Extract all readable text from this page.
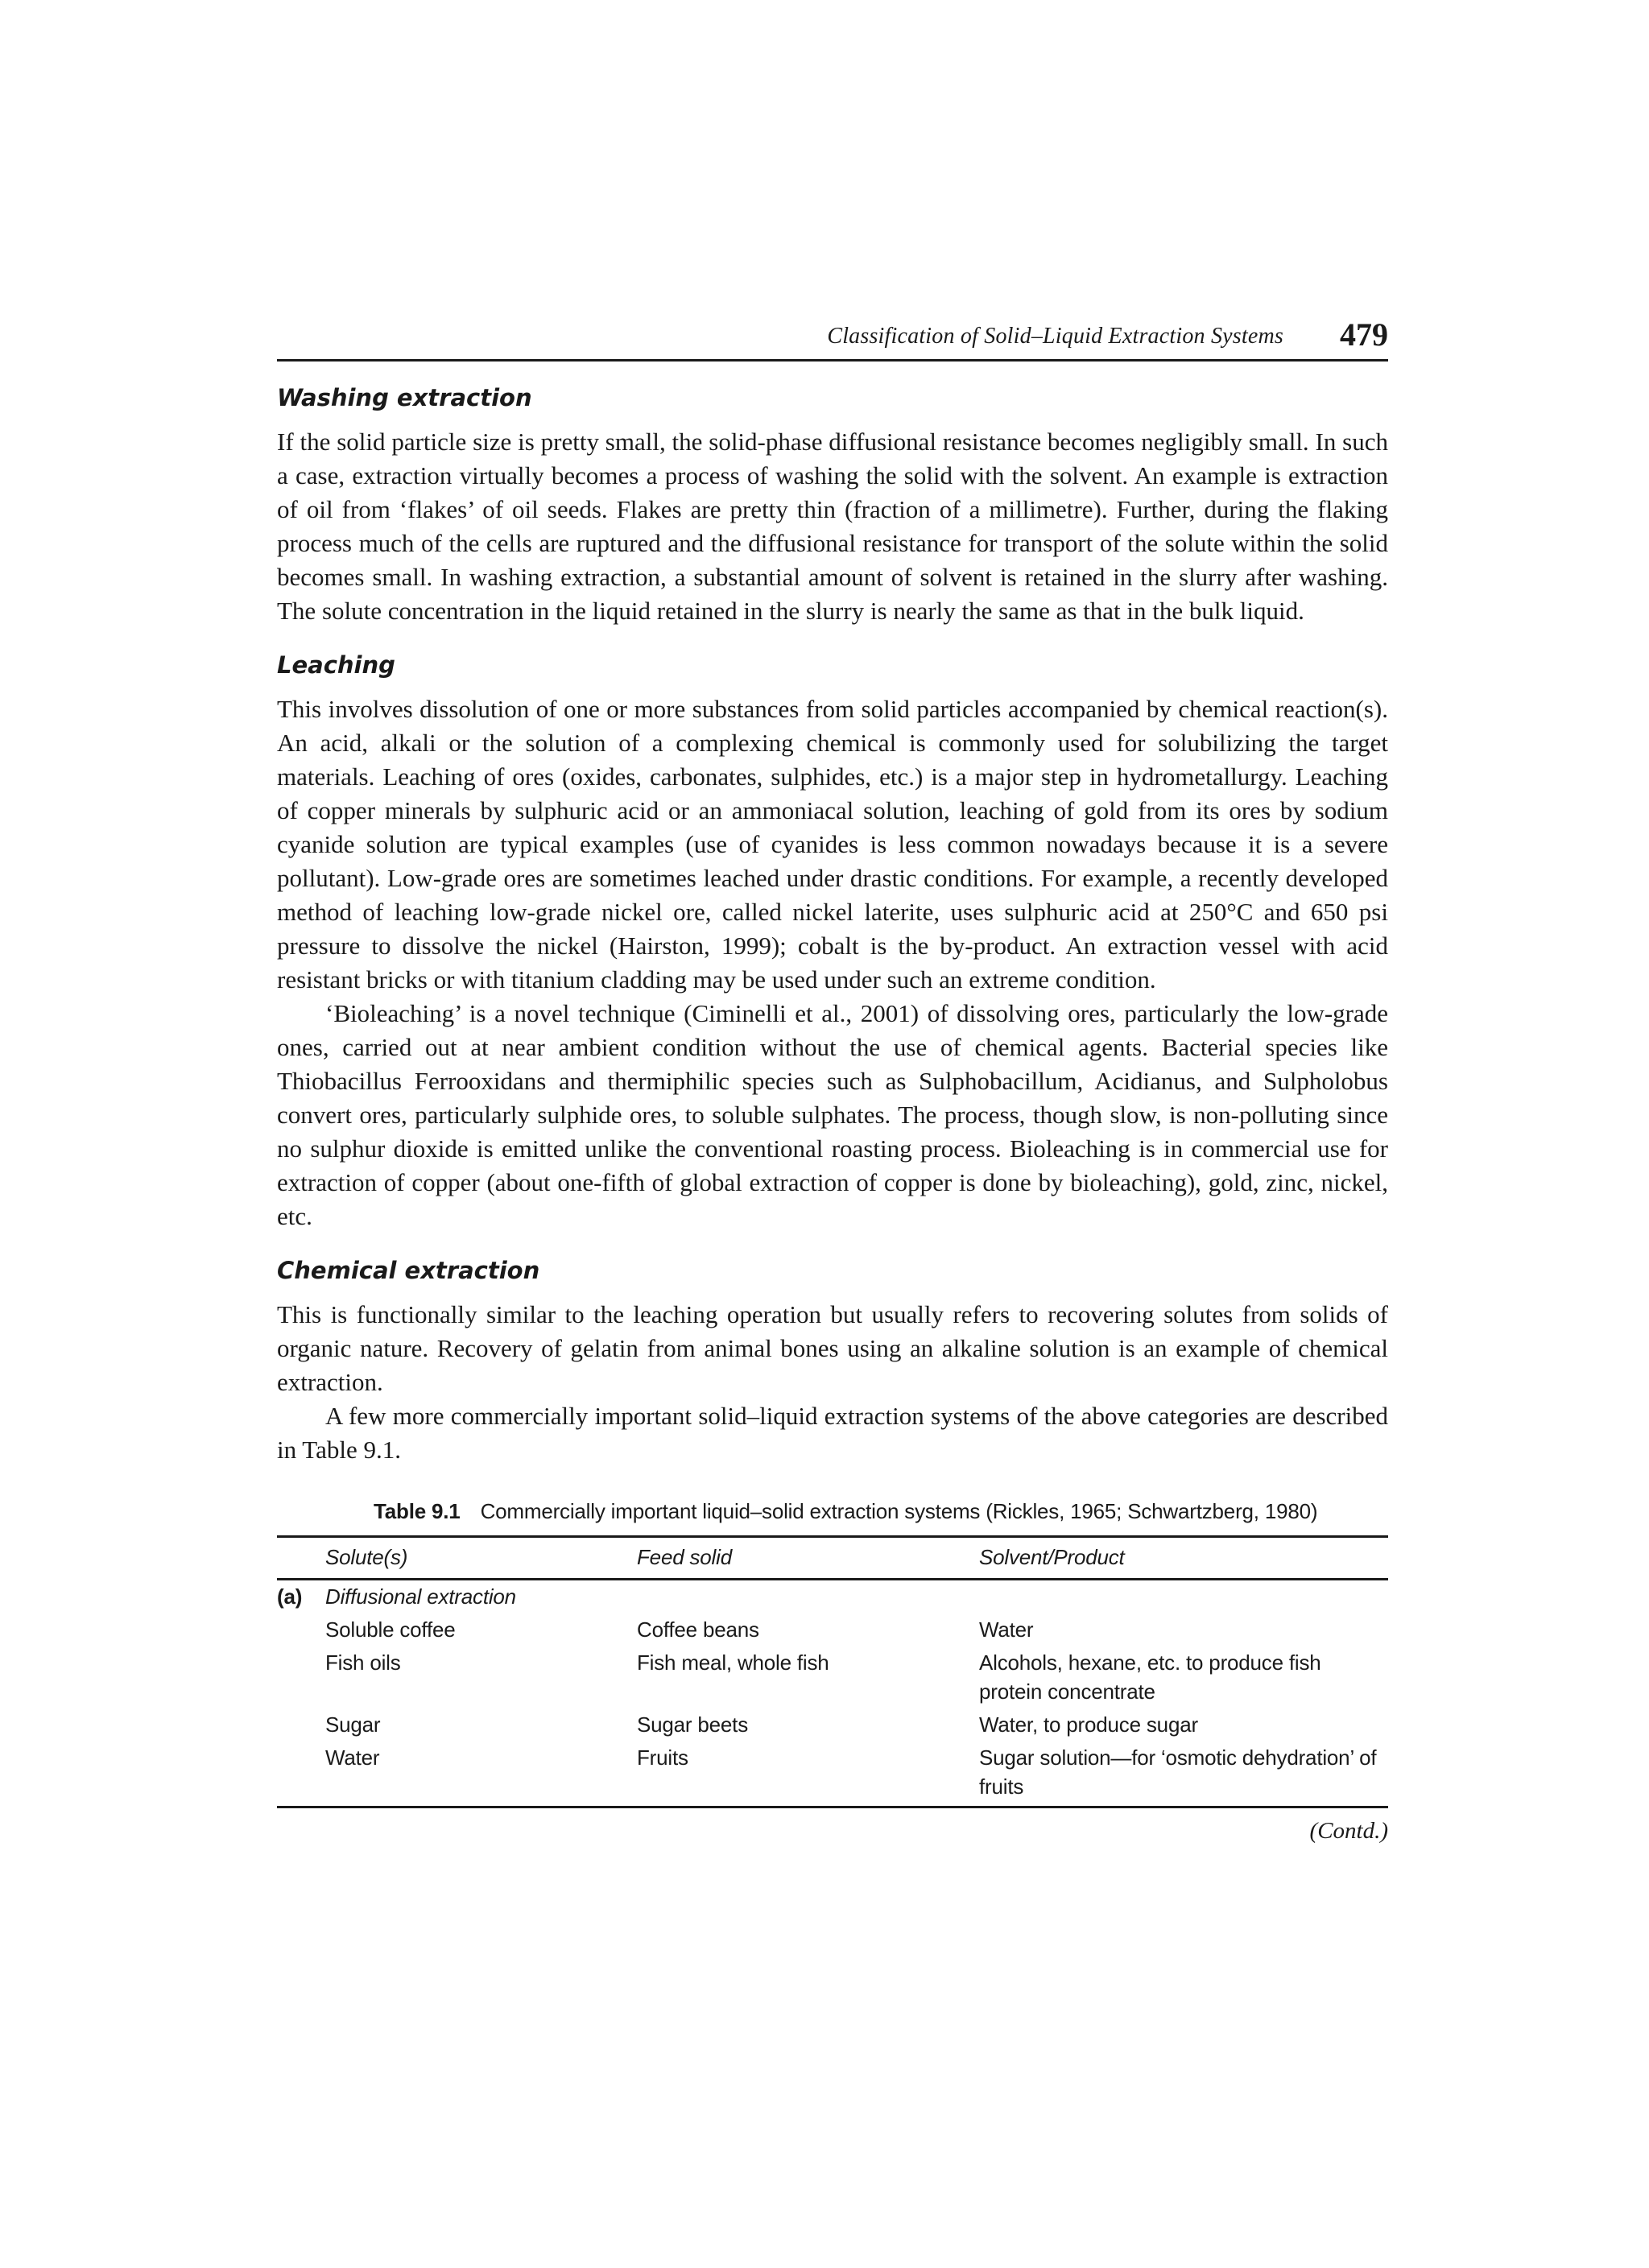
Classification of Solid–Liquid Extraction Systems 479
Washing extraction

If the solid particle size is pretty small, the solid-phase diffusional resistance becomes negligibly small. In such a case, extraction virtually becomes a process of washing the solid with the solvent. An example is extraction of oil from ‘flakes’ of oil seeds. Flakes are pretty thin (fraction of a millimetre). Further, during the flaking process much of the cells are ruptured and the diffusional resistance for transport of the solute within the solid becomes small. In washing extraction, a substantial amount of solvent is retained in the slurry after washing. The solute concentration in the liquid retained in the slurry is nearly the same as that in the bulk liquid.

Leaching

This involves dissolution of one or more substances from solid particles accompanied by chemical reaction(s). An acid, alkali or the solution of a complexing chemical is commonly used for solubilizing the target materials. Leaching of ores (oxides, carbonates, sulphides, etc.) is a major step in hydrometallurgy. Leaching of copper minerals by sulphuric acid or an ammoniacal solution, leaching of gold from its ores by sodium cyanide solution are typical examples (use of cyanides is less common nowadays because it is a severe pollutant). Low-grade ores are sometimes leached under drastic conditions. For example, a recently developed method of leaching low-grade nickel ore, called nickel laterite, uses sulphuric acid at 250°C and 650 psi pressure to dissolve the nickel (Hairston, 1999); cobalt is the by-product. An extraction vessel with acid resistant bricks or with titanium cladding may be used under such an extreme condition.

‘Bioleaching’ is a novel technique (Ciminelli et al., 2001) of dissolving ores, particularly the low-grade ones, carried out at near ambient condition without the use of chemical agents. Bacterial species like Thiobacillus Ferrooxidans and thermiphilic species such as Sulphobacillum, Acidianus, and Sulpholobus convert ores, particularly sulphide ores, to soluble sulphates. The process, though slow, is non-polluting since no sulphur dioxide is emitted unlike the conventional roasting process. Bioleaching is in commercial use for extraction of copper (about one-fifth of global extraction of copper is done by bioleaching), gold, zinc, nickel, etc.

Chemical extraction

This is functionally similar to the leaching operation but usually refers to recovering solutes from solids of organic nature. Recovery of gelatin from animal bones using an alkaline solution is an example of chemical extraction.

A few more commercially important solid–liquid extraction systems of the above categories are described in Table 9.1.

Table 9.1 Commercially important liquid–solid extraction systems (Rickles, 1965; Schwartzberg, 1980)
	Solute(s)	Feed solid	Solvent/Product
(a)	Diffusional extraction		
	Soluble coffee	Coffee beans	Water
	Fish oils	Fish meal, whole fish	Alcohols, hexane, etc. to produce fish protein concentrate
	Sugar	Sugar beets	Water, to produce sugar
	Water	Fruits	Sugar solution—for ‘osmotic dehydration’ of fruits
(Contd.)
